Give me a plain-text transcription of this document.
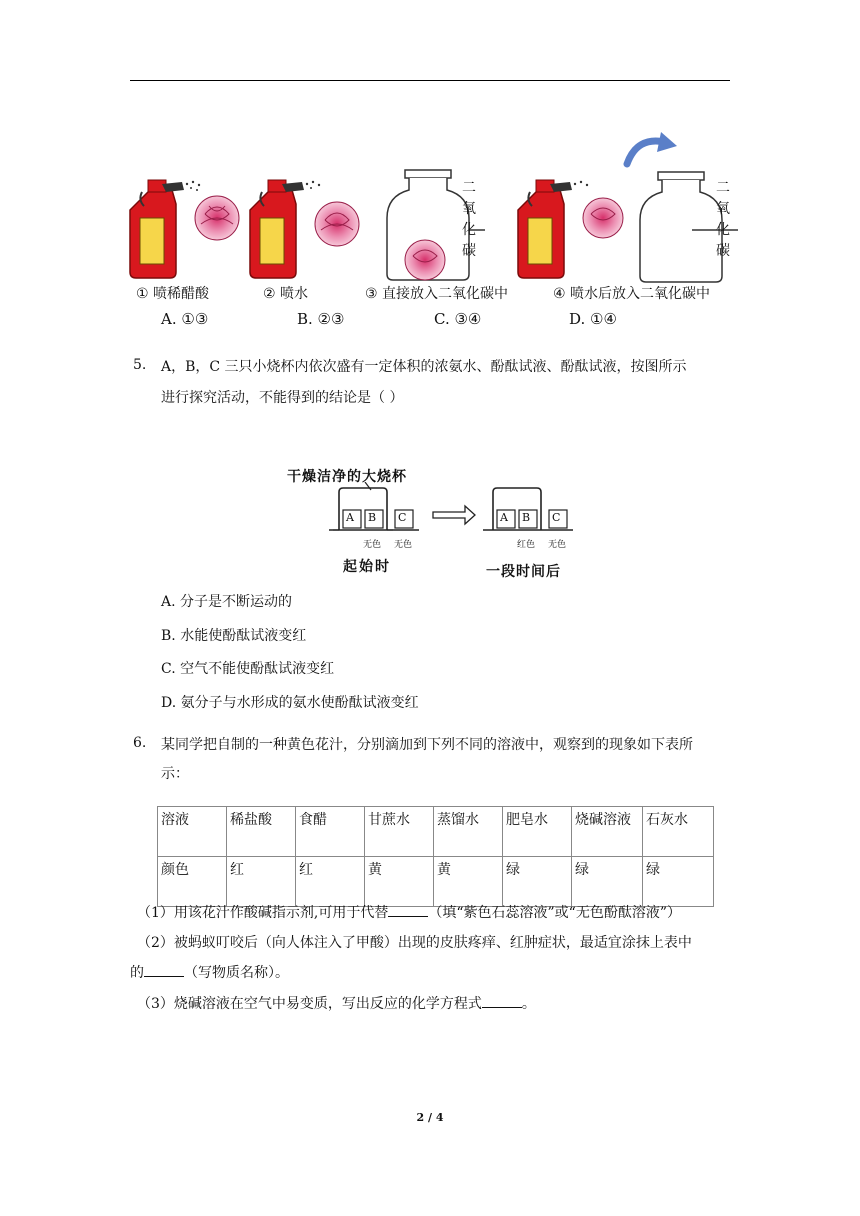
二氧化碳
二氧化碳
① 喷稀醋酸	② 喷水	③ 直接放入二氧化碳中	④ 喷水后放入二氧化碳中
A. ①③	B. ②③	C. ③④	D. ①④
5. A，B，C 三只小烧杯内依次盛有一定体积的浓氨水、酚酞试液、酚酞试液，按图所示
进行探究活动，不能得到的结论是（ ）
干燥洁净的大烧杯
A B C	A B C
无色 无色	红色 无色
起始时	一段时间后
A. 分子是不断运动的
B. 水能使酚酞试液变红
C. 空气不能使酚酞试液变红
D. 氨分子与水形成的氨水使酚酞试液变红
6. 某同学把自制的一种黄色花汁，分别滴加到下列不同的溶液中，观察到的现象如下表所
示：
溶液	稀盐酸	食醋	甘蔗水	蒸馏水	肥皂水	烧碱溶液	石灰水
颜色	红	红	黄	黄	绿	绿	绿
（1）用该花汁作酸碱指示剂,可用于代替	（填“紫色石蕊溶液”或“无色酚酞溶液”）
（2）被蚂蚁叮咬后（向人体注入了甲酸）出现的皮肤疼痒、红肿症状，最适宜涂抹上表中
的	（写物质名称）。
（3）烧碱溶液在空气中易变质，写出反应的化学方程式	。
2 / 4
